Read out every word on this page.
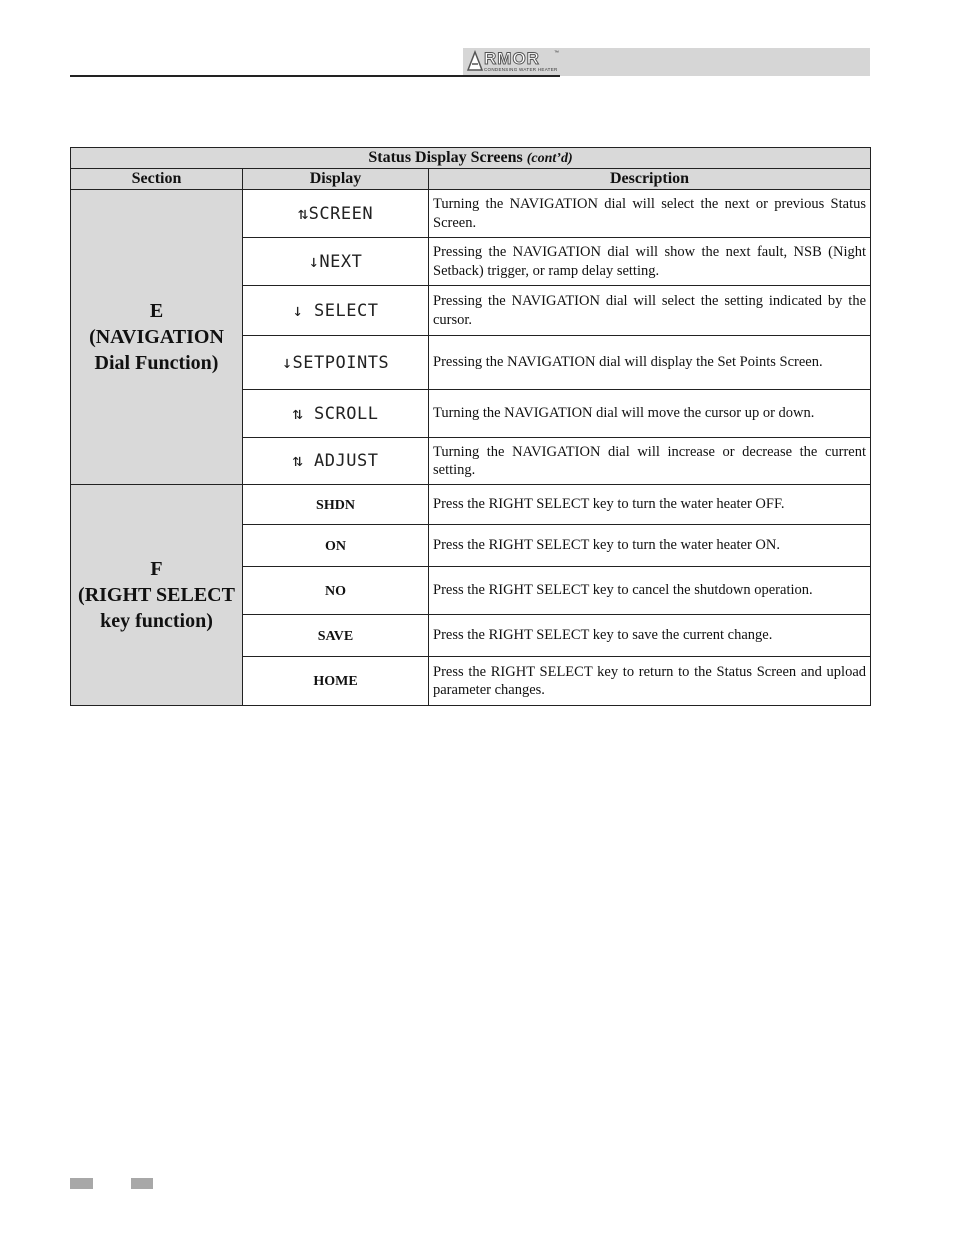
RMOR	™
CONDENSING WATER HEATER
Status Display Screens (cont’d)		
Section	Display	Description

E
(NAVIGATION
Dial Function)	⇅SCREEN	Turning the NAVIGATION dial will select the next or previous Status Screen.
	↓NEXT	Pressing the NAVIGATION dial will show the next fault, NSB (Night Setback) trigger, or ramp delay setting.
	↓ SELECT	Pressing the NAVIGATION dial will select the setting indicated by the cursor.
	↓SETPOINTS	Pressing the NAVIGATION dial will display the Set Points Screen.
	⇅ SCROLL	Turning the NAVIGATION dial will move the cursor up or down.
	⇅ ADJUST	Turning the NAVIGATION dial will increase or decrease the current setting.

F
(RIGHT SELECT
key function)	SHDN	Press the RIGHT SELECT key to turn the water heater OFF.
	ON	Press the RIGHT SELECT key to turn the water heater ON.
	NO	Press the RIGHT SELECT key to cancel the shutdown operation.
	SAVE	Press the RIGHT SELECT key to save the current change.
	HOME	Press the RIGHT SELECT key to return to the Status Screen and upload parameter changes.
